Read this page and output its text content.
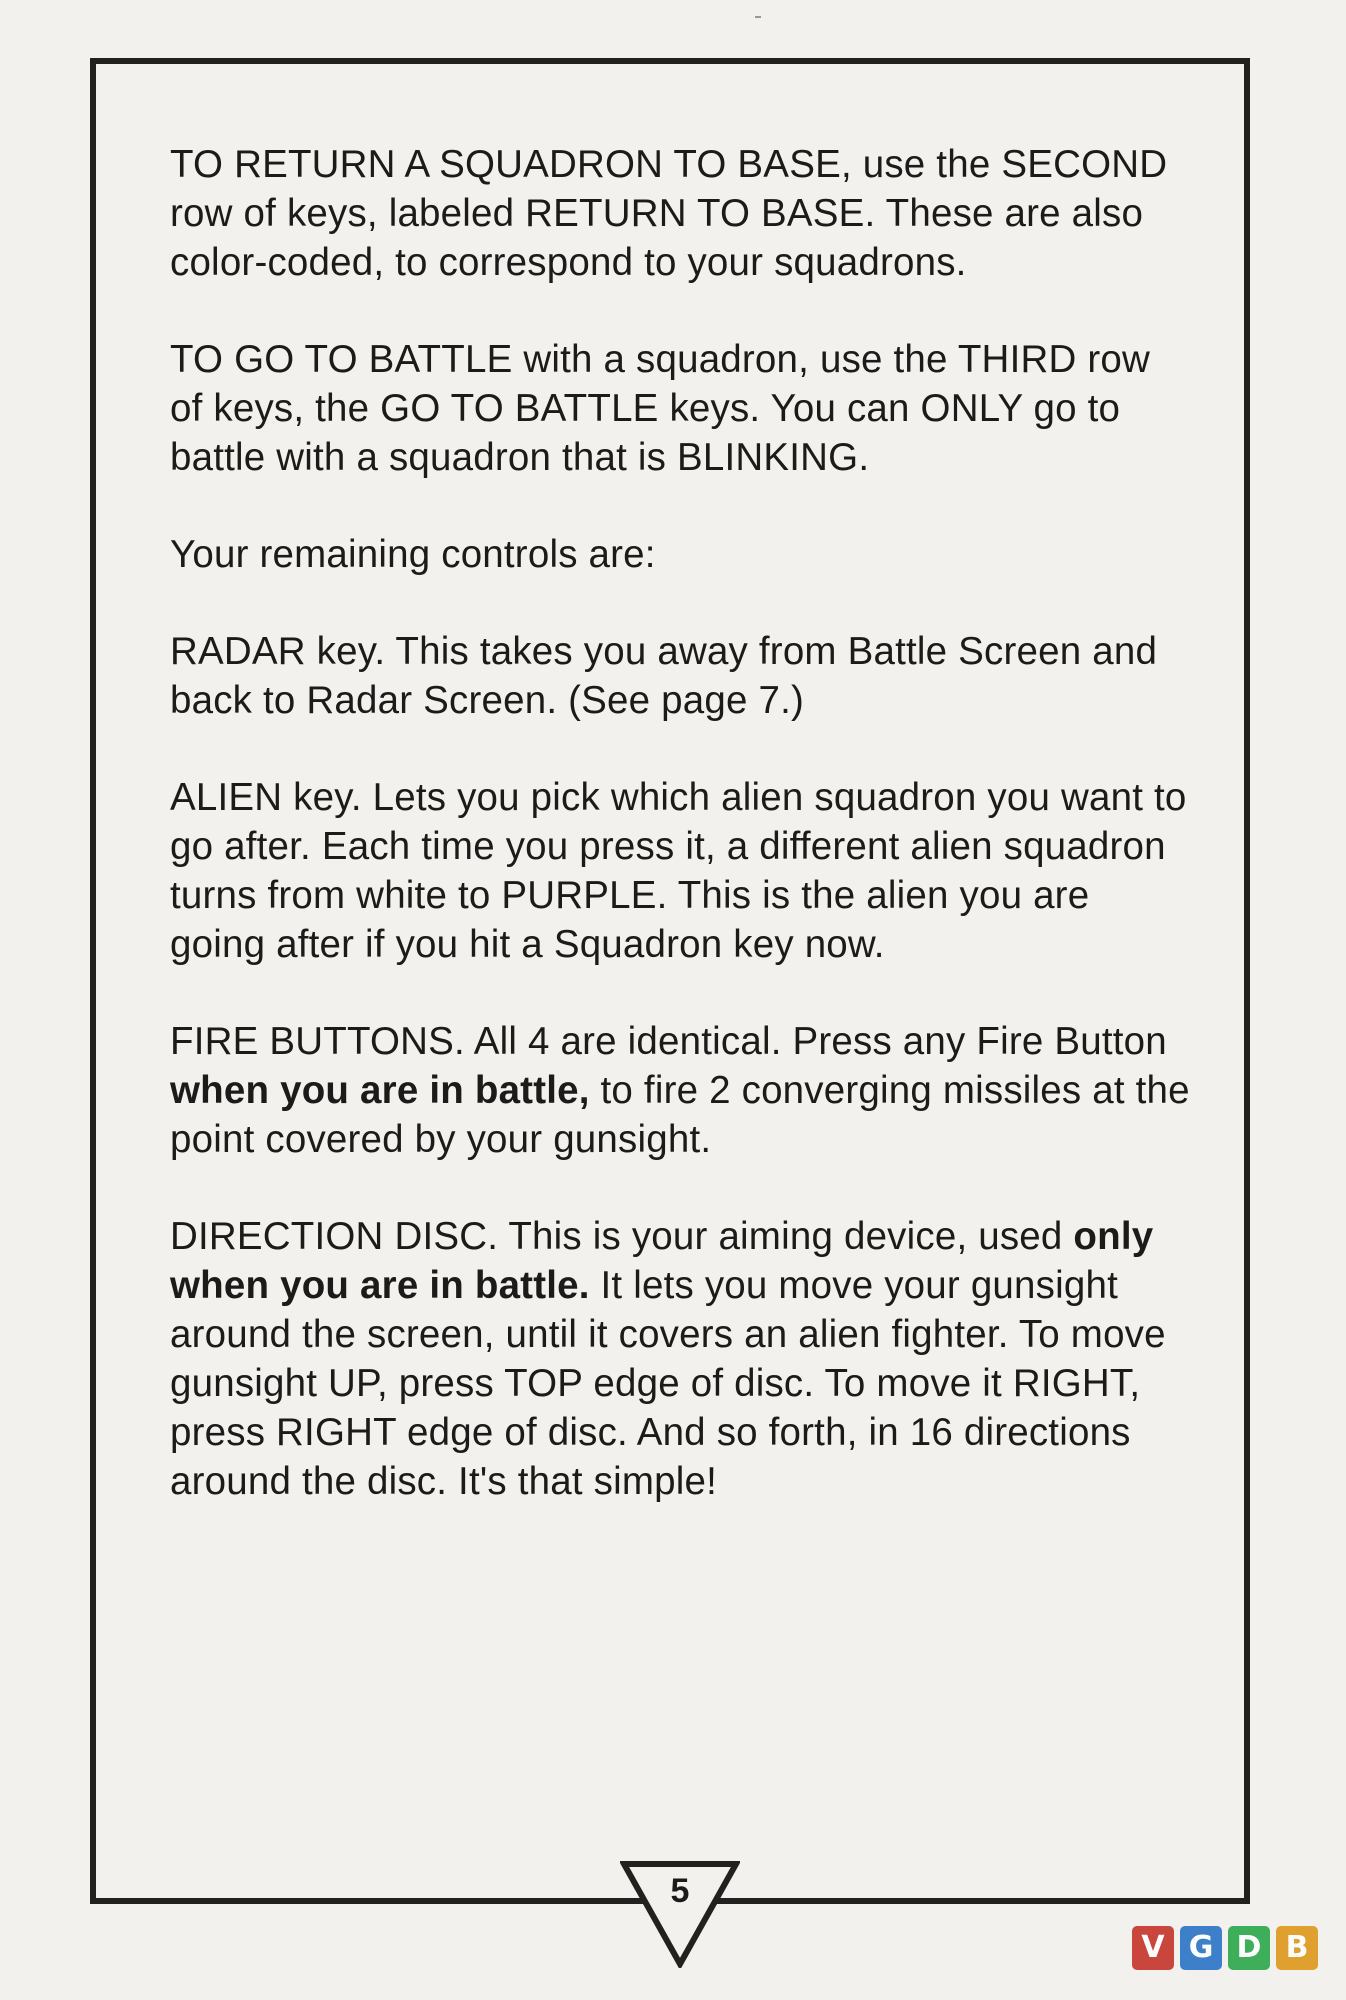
TO RETURN A SQUADRON TO BASE, use the SECOND row of keys, labeled RETURN TO BASE. These are also color-coded, to correspond to your squadrons.

TO GO TO BATTLE with a squadron, use the THIRD row of keys, the GO TO BATTLE keys. You can ONLY go to battle with a squadron that is BLINKING.

Your remaining controls are:

RADAR key. This takes you away from Battle Screen and back to Radar Screen. (See page 7.)

ALIEN key. Lets you pick which alien squadron you want to go after. Each time you press it, a different alien squadron turns from white to PURPLE. This is the alien you are going after if you hit a Squadron key now.

FIRE BUTTONS. All 4 are identical. Press any Fire Button when you are in battle, to fire 2 converging missiles at the point covered by your gunsight.

DIRECTION DISC. This is your aiming device, used only when you are in battle. It lets you move your gunsight around the screen, until it covers an alien fighter. To move gunsight UP, press TOP edge of disc. To move it RIGHT, press RIGHT edge of disc. And so forth, in 16 directions around the disc. It's that simple!

5
V G D B
